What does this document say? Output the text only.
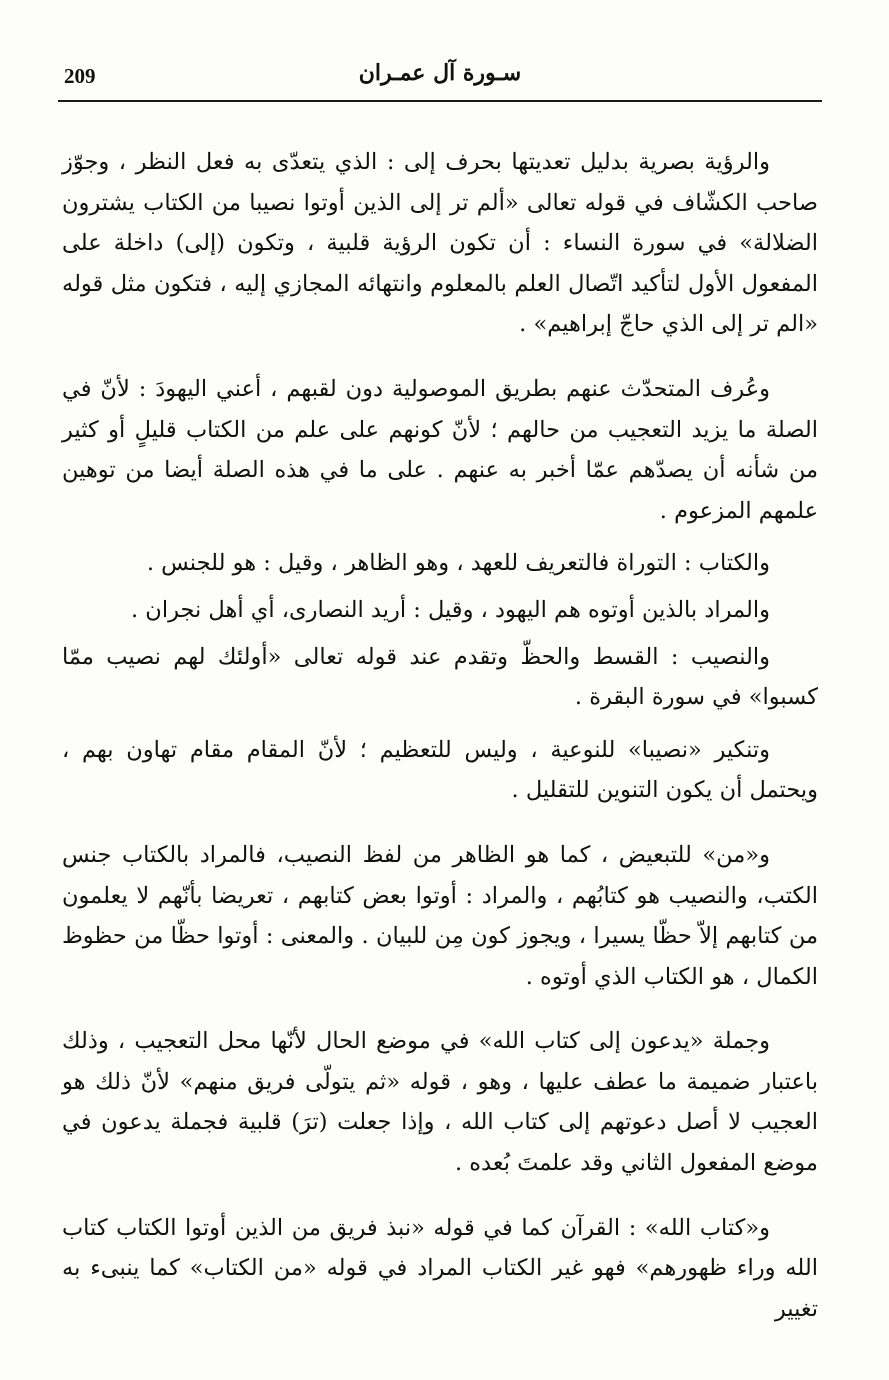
209	سـورة آل عمـران

والرؤية بصرية بدليل تعديتها بحرف إلى : الذي يتعدّى به فعل النظر ، وجوّز صاحب الكشّاف في قوله تعالى «ألم تر إلى الذين أوتوا نصيبا من الكتاب يشترون الضلالة» في سورة النساء : أن تكون الرؤية قلبية ، وتكون (إلى) داخلة على المفعول الأول لتأكيد اتّصال العلم بالمعلوم وانتهائه المجازي إليه ، فتكون مثل قوله «الم تر إلى الذي حاجّ إبراهيم» .

وعُرف المتحدّث عنهم بطريق الموصولية دون لقبهم ، أعني اليهودَ : لأنّ في الصلة ما يزيد التعجيب من حالهم ؛ لأنّ كونهم على علم من الكتاب قليلٍ أو كثير من شأنه أن يصدّهم عمّا أخبر به عنهم . على ما في هذه الصلة أيضا من توهين علمهم المزعوم .

والكتاب : التوراة فالتعريف للعهد ، وهو الظاهر ، وقيل : هو للجنس .

والمراد بالذين أوتوه هم اليهود ، وقيل : أريد النصارى، أي أهل نجران .

والنصيب : القسط والحظّ وتقدم عند قوله تعالى «أولئك لهم نصيب ممّا كسبوا» في سورة البقرة .

وتنكير «نصيبا» للنوعية ، وليس للتعظيم ؛ لأنّ المقام مقام تهاون بهم ، ويحتمل أن يكون التنوين للتقليل .

و«من» للتبعيض ، كما هو الظاهر من لفظ النصيب، فالمراد بالكتاب جنس الكتب، والنصيب هو كتابُهم ، والمراد : أوتوا بعض كتابهم ، تعريضا بأنّهم لا يعلمون من كتابهم إلاّ حظّا يسيرا ، ويجوز كون مِن للبيان . والمعنى : أوتوا حظّا من حظوظ الكمال ، هو الكتاب الذي أوتوه .

وجملة «يدعون إلى كتاب الله» في موضع الحال لأنّها محل التعجيب ، وذلك باعتبار ضميمة ما عطف عليها ، وهو ، قوله «ثم يتولّى فريق منهم» لأنّ ذلك هو العجيب لا أصل دعوتهم إلى كتاب الله ، وإذا جعلت (ترَ) قلبية فجملة يدعون في موضع المفعول الثاني وقد علمتَ بُعده .

و«كتاب الله» : القرآن كما في قوله «نبذ فريق من الذين أوتوا الكتاب كتاب الله وراء ظهورهم» فهو غير الكتاب المراد في قوله «من الكتاب» كما ينبىء به تغيير
